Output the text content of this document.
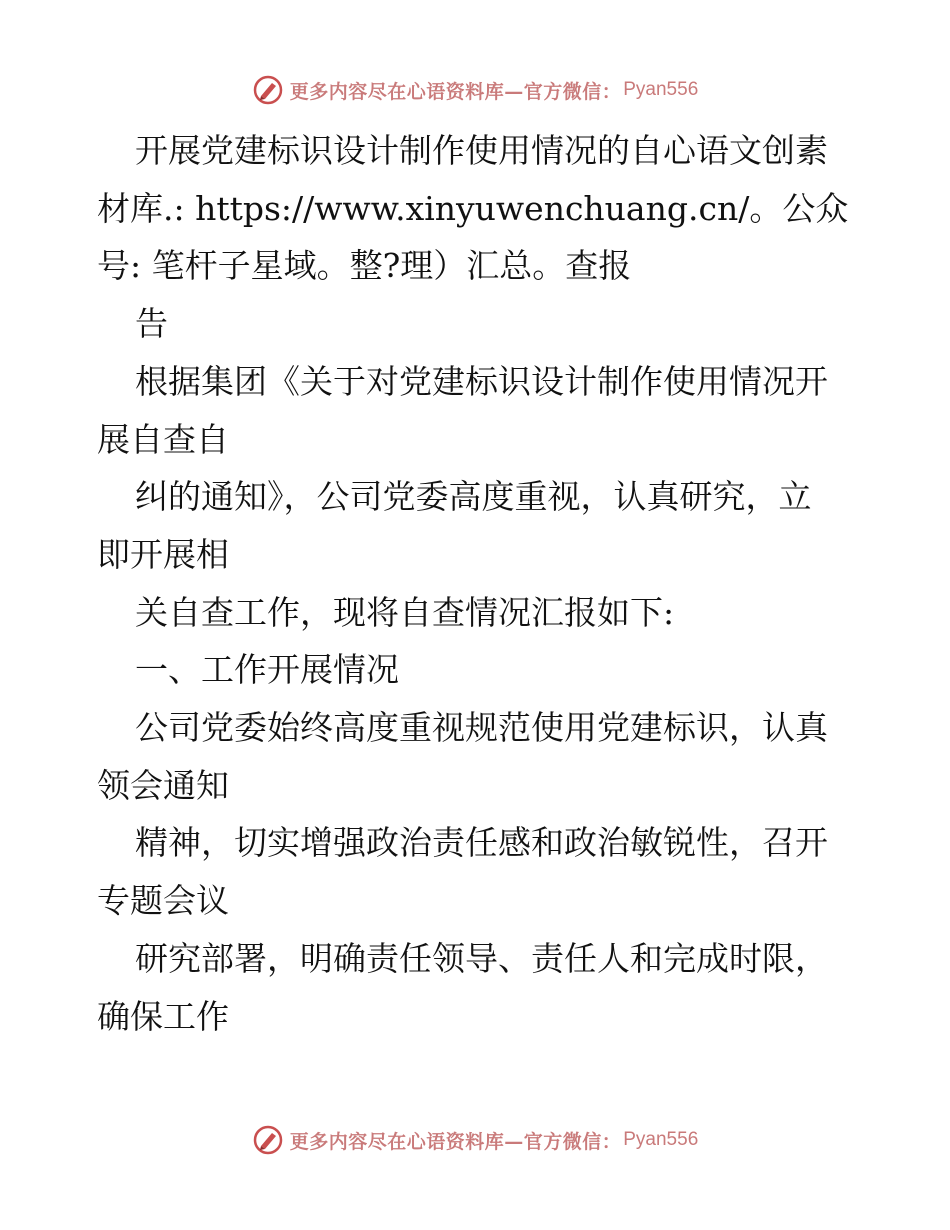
更多内容尽在心语资料库—官方微信： Pyan556
开展党建标识设计制作使用情况的自心语文创素
材库.: https://www.xinyuwenchuang.cn/。公众
号: 笔杆子星域。整?理）汇总。查报
告
根据集团《关于对党建标识设计制作使用情况开
展自查自
纠的通知》，公司党委高度重视，认真研究，立
即开展相
关自查工作，现将自查情况汇报如下:
一、工作开展情况
公司党委始终高度重视规范使用党建标识，认真
领会通知
精神，切实增强政治责任感和政治敏锐性，召开
专题会议
研究部署，明确责任领导、责任人和完成时限，
确保工作
更多内容尽在心语资料库—官方微信： Pyan556
